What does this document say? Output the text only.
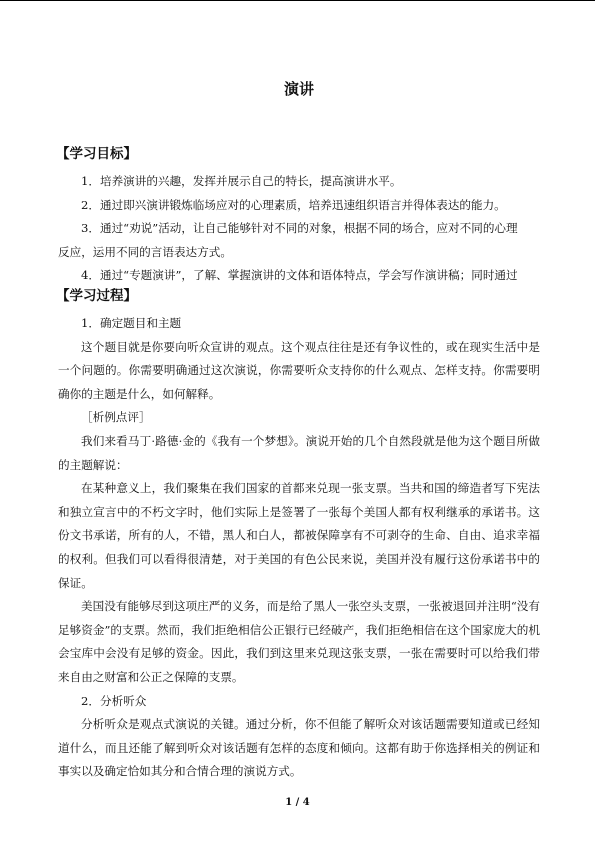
演讲
【学习目标】

1．培养演讲的兴趣，发挥并展示自己的特长，提高演讲水平。

2．通过即兴演讲锻炼临场应对的心理素质，培养迅速组织语言并得体表达的能力。

3．通过“劝说”活动，让自己能够针对不同的对象，根据不同的场合，应对不同的心理

反应，运用不同的言语表达方式。

4．通过“专题演讲”，了解、掌握演讲的文体和语体特点，学会写作演讲稿；同时通过

【学习过程】

1．确定题目和主题

这个题目就是你要向听众宣讲的观点。这个观点往往是还有争议性的，或在现实生活中是一个问题的。你需要明确通过这次演说，你需要听众支持你的什么观点、怎样支持。你需要明确你的主题是什么，如何解释。

［析例点评］

我们来看马丁·路德·金的《我有一个梦想》。演说开始的几个自然段就是他为这个题目所做的主题解说：

在某种意义上，我们聚集在我们国家的首都来兑现一张支票。当共和国的缔造者写下宪法和独立宣言中的不朽文字时，他们实际上是签署了一张每个美国人都有权利继承的承诺书。这份文书承诺，所有的人，不错，黑人和白人，都被保障享有不可剥夺的生命、自由、追求幸福的权利。但我们可以看得很清楚，对于美国的有色公民来说，美国并没有履行这份承诺书中的保证。

美国没有能够尽到这项庄严的义务，而是给了黑人一张空头支票，一张被退回并注明“没有足够资金”的支票。然而，我们拒绝相信公正银行已经破产，我们拒绝相信在这个国家庞大的机会宝库中会没有足够的资金。因此，我们到这里来兑现这张支票，一张在需要时可以给我们带来自由之财富和公正之保障的支票。

2．分析听众

分析听众是观点式演说的关键。通过分析，你不但能了解听众对该话题需要知道或已经知道什么，而且还能了解到听众对该话题有怎样的态度和倾向。这都有助于你选择相关的例证和事实以及确定恰如其分和合情合理的演说方式。

1 / 4
